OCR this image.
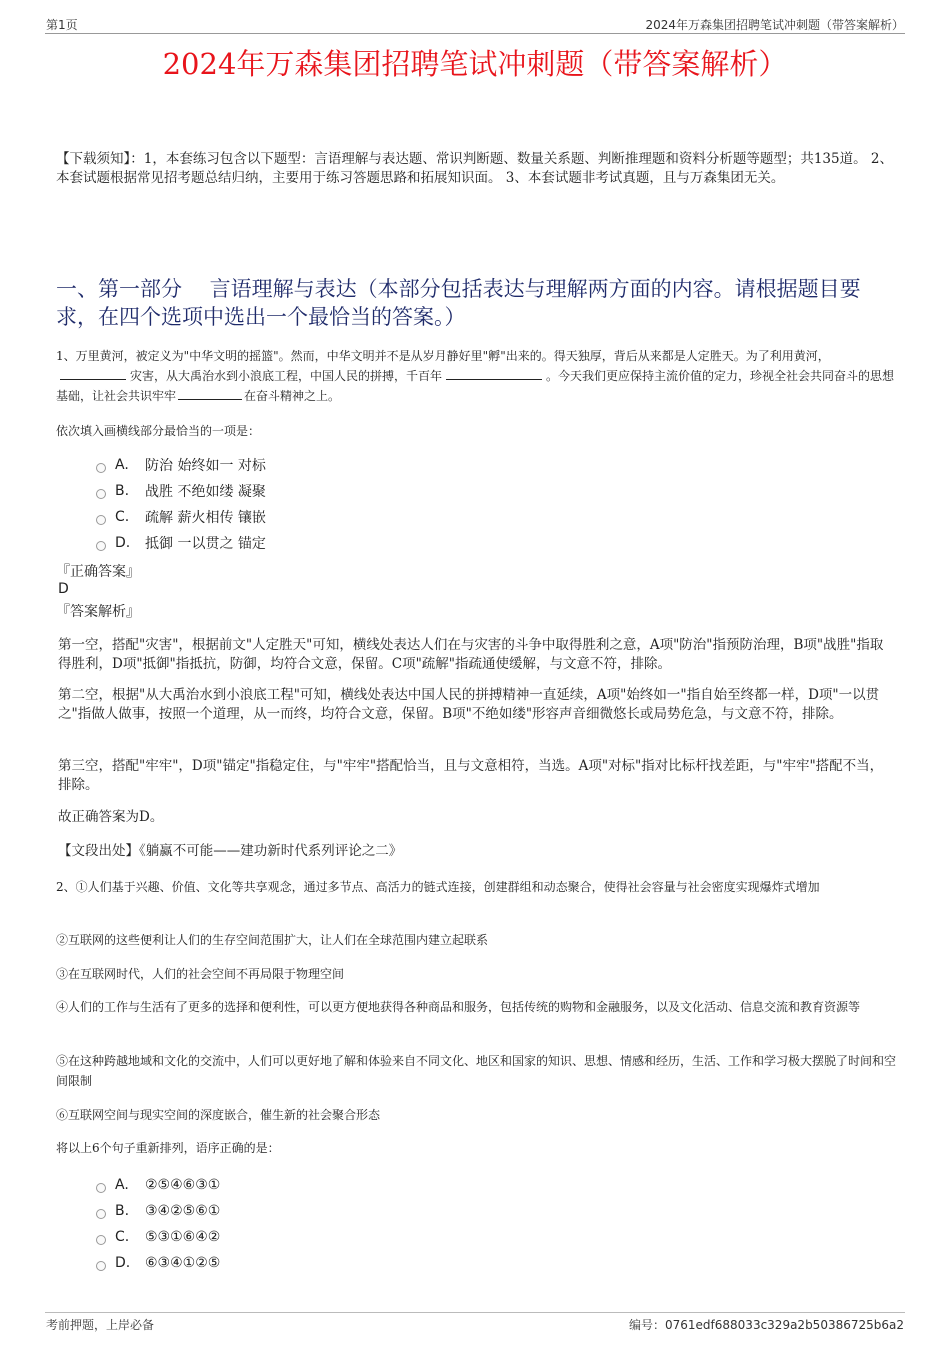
第1页	2024年万森集团招聘笔试冲刺题（带答案解析）
2024年万森集团招聘笔试冲刺题（带答案解析）
【下载须知】：1，本套练习包含以下题型：言语理解与表达题、常识判断题、数量关系题、判断推理题和资料分析题等题型；共135道。 2、本套试题根据常见招考题总结归纳，主要用于练习答题思路和拓展知识面。 3、本套试题非考试真题，且与万森集团无关。
一、第一部分　 言语理解与表达（本部分包括表达与理解两方面的内容。请根据题目要求，在四个选项中选出一个最恰当的答案。）
1、万里黄河，被定义为"中华文明的摇篮"。然而，中华文明并不是从岁月静好里"孵"出来的。得天独厚，背后从来都是人定胜天。为了利用黄河，灾害，从大禹治水到小浪底工程，中国人民的拼搏，千百年	。今天我们更应保持主流价值的定力，珍视全社会共同奋斗的思想基础，让社会共识牢牢	在奋斗精神之上。
依次填入画横线部分最恰当的一项是：
A.	防治 始终如一 对标
B.	战胜 不绝如缕 凝聚
C.	疏解 薪火相传 镶嵌
D.	抵御 一以贯之 锚定
『正确答案』
D
『答案解析』
第一空，搭配"灾害"，根据前文"人定胜天"可知，横线处表达人们在与灾害的斗争中取得胜利之意，A项"防治"指预防治理，B项"战胜"指取得胜利，D项"抵御"指抵抗，防御，均符合文意，保留。C项"疏解"指疏通使缓解，与文意不符，排除。
第二空，根据"从大禹治水到小浪底工程"可知，横线处表达中国人民的拼搏精神一直延续，A项"始终如一"指自始至终都一样，D项"一以贯之"指做人做事，按照一个道理，从一而终，均符合文意，保留。B项"不绝如缕"形容声音细微悠长或局势危急，与文意不符，排除。
第三空，搭配"牢牢"，D项"锚定"指稳定住，与"牢牢"搭配恰当，且与文意相符，当选。A项"对标"指对比标杆找差距，与"牢牢"搭配不当，排除。
故正确答案为D。
【文段出处】《躺赢不可能——建功新时代系列评论之二》
2、①人们基于兴趣、价值、文化等共享观念，通过多节点、高活力的链式连接，创建群组和动态聚合，使得社会容量与社会密度实现爆炸式增加
②互联网的这些便利让人们的生存空间范围扩大，让人们在全球范围内建立起联系
③在互联网时代，人们的社会空间不再局限于物理空间
④人们的工作与生活有了更多的选择和便利性，可以更方便地获得各种商品和服务，包括传统的购物和金融服务，以及文化活动、信息交流和教育资源等
⑤在这种跨越地域和文化的交流中，人们可以更好地了解和体验来自不同文化、地区和国家的知识、思想、情感和经历，生活、工作和学习极大摆脱了时间和空间限制
⑥互联网空间与现实空间的深度嵌合，催生新的社会聚合形态
将以上6个句子重新排列，语序正确的是：
A.	②⑤④⑥③①
B.	③④②⑤⑥①
C.	⑤③①⑥④②
D.	⑥③④①②⑤
考前押题，上岸必备	编号：0761edf688033c329a2b50386725b6a2
